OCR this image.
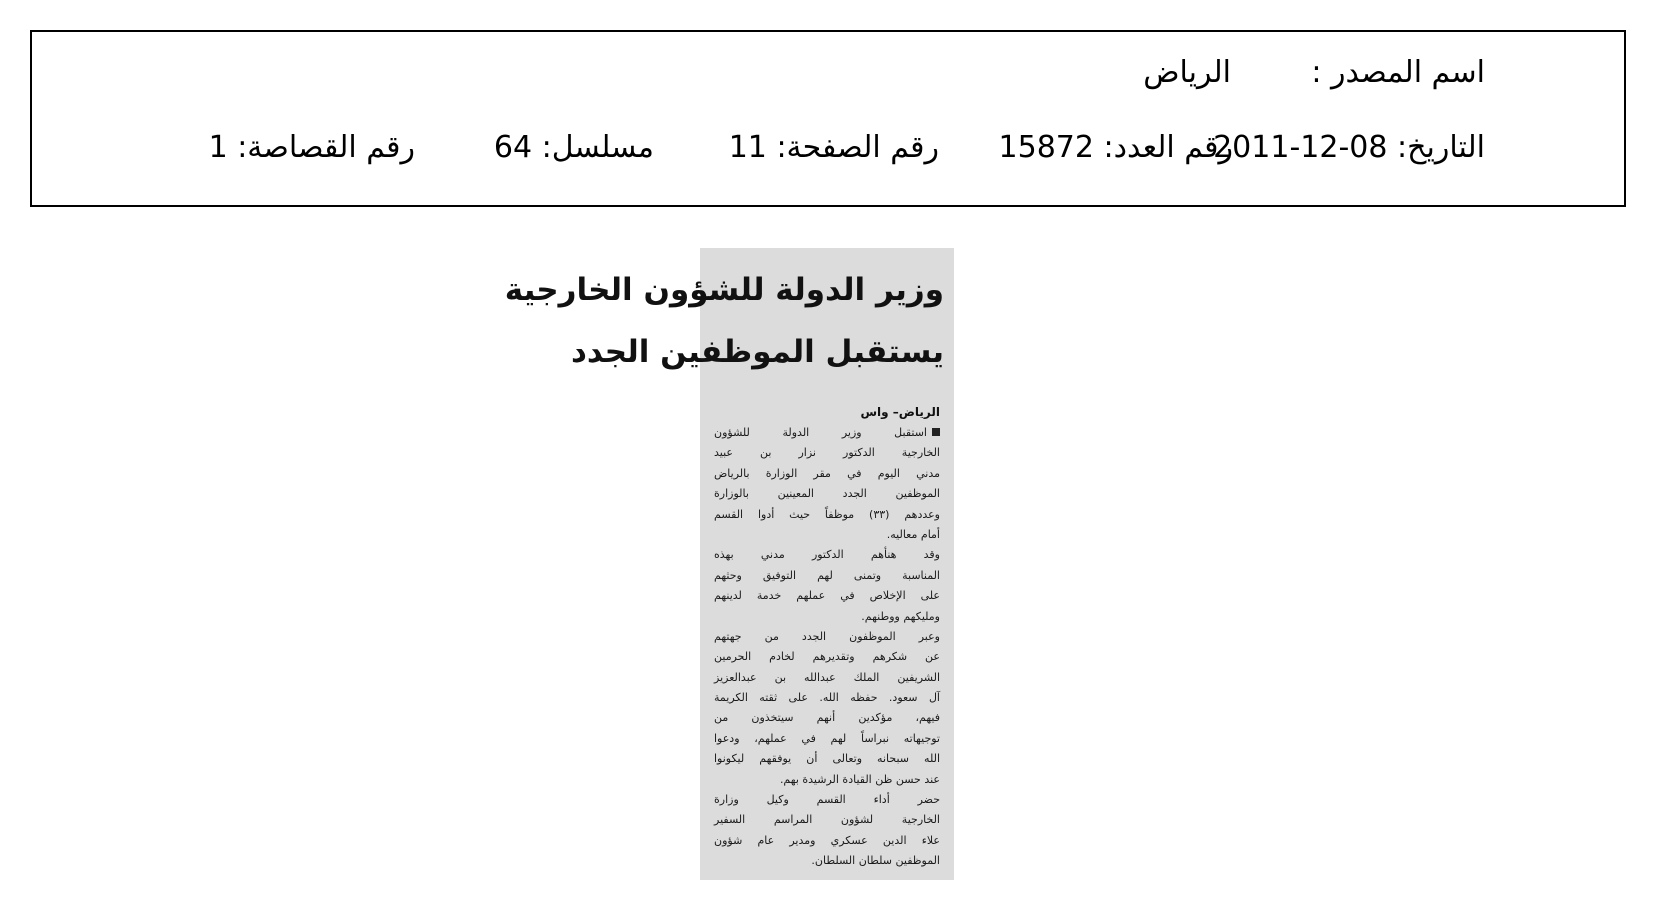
اسم المصدر :
الرياض
التاريخ: 08-12-2011
رقم العدد: 15872
رقم الصفحة: 11
مسلسل: 64
رقم القصاصة: 1
وزير الدولة للشؤون الخارجية
يستقبل الموظفين الجدد
الرياض– واس
استقبل وزير الدولة للشؤون
الخارجية الدكتور نزار بن عبيد
مدني اليوم في مقر الوزارة بالرياض
الموظفين الجدد المعينين بالوزارة
وعددهم (٣٣) موظفاً حيث أدوا القسم
أمام معاليه.
وقد هنأهم الدكتور مدني بهذه
المناسبة وتمنى لهم التوفيق وحثهم
على الإخلاص في عملهم خدمة لدينهم
ومليكهم ووطنهم.
وعبر الموظفون الجدد من جهتهم
عن شكرهم وتقديرهم لخادم الحرمين
الشريفين الملك عبدالله بن عبدالعزيز
آل سعود. حفظه الله. على ثقته الكريمة
فيهم، مؤكدين أنهم سيتخذون من
توجيهاته نبراساً لهم في عملهم، ودعوا
الله سبحانه وتعالى أن يوفقهم ليكونوا
عند حسن ظن القيادة الرشيدة بهم.
حضر أداء القسم وكيل وزارة
الخارجية لشؤون المراسم السفير
علاء الدين عسكري ومدير عام شؤون
الموظفين سلطان السلطان.
